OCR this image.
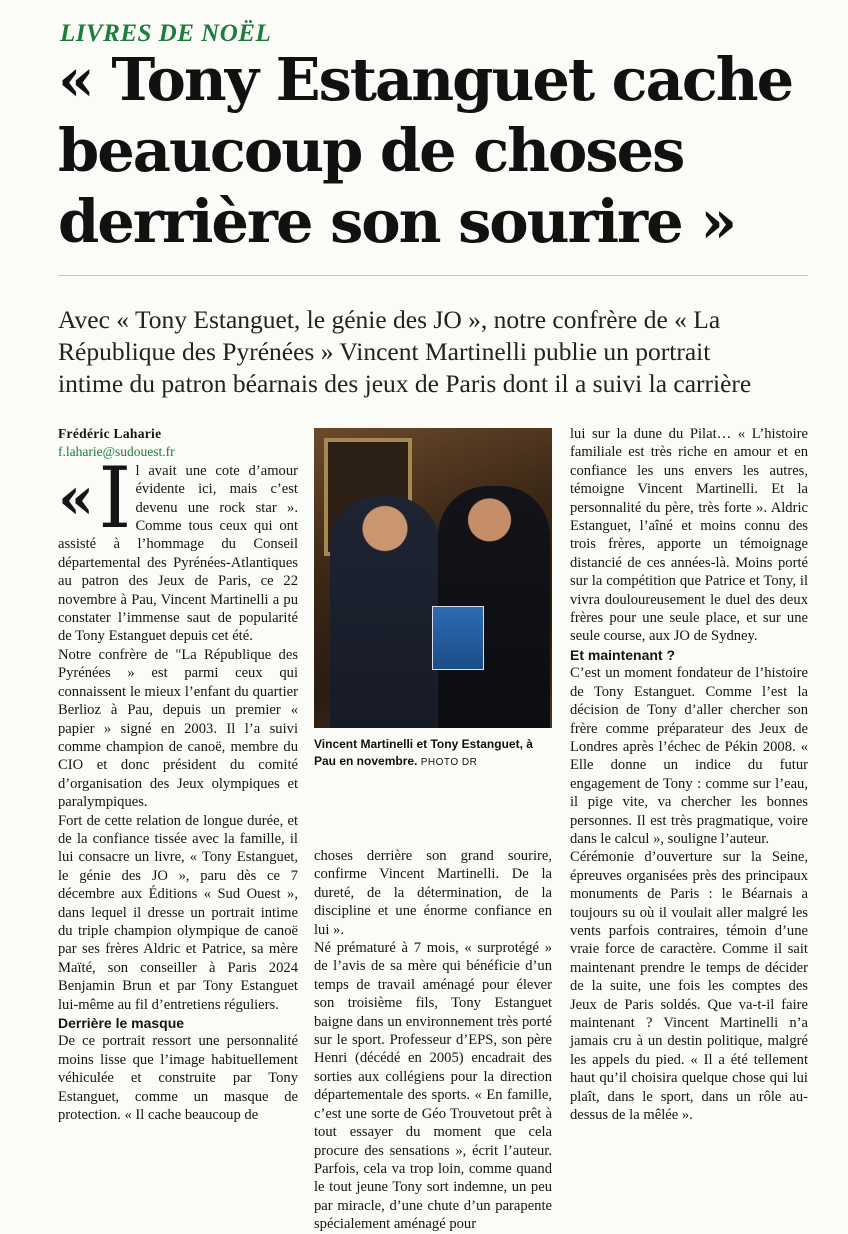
LIVRES DE NOËL
« Tony Estanguet cache
beaucoup de choses
derrière son sourire »
Avec « Tony Estanguet, le génie des JO », notre confrère de « La
République des Pyrénées » Vincent Martinelli publie un portrait
intime du patron béarnais des jeux de Paris dont il a suivi la carrière

Frédéric Laharie

f.laharie@sudouest.fr

« I l avait une cote d’amour évidente ici, mais c’est devenu une rock star ». Comme tous ceux qui ont assisté à l’hommage du Conseil départemental des Pyrénées-Atlantiques au patron des Jeux de Paris, ce 22 novembre à Pau, Vincent Martinelli a pu constater l’immense saut de popularité de Tony Estanguet depuis cet été.

Notre confrère de "La République des Pyrénées » est parmi ceux qui connaissent le mieux l’enfant du quartier Berlioz à Pau, depuis un premier « papier » signé en 2003. Il l’a suivi comme champion de canoë, membre du CIO et donc président du comité d’organisation des Jeux olympiques et paralympiques.

Fort de cette relation de longue durée, et de la confiance tissée avec la famille, il lui consacre un livre, « Tony Estanguet, le génie des JO », paru dès ce 7 décembre aux Éditions « Sud Ouest », dans lequel il dresse un portrait intime du triple champion olympique de canoë par ses frères Aldric et Patrice, sa mère Maïté, son conseiller à Paris 2024 Benjamin Brun et par Tony Estanguet lui-même au fil d’entretiens réguliers.

Derrière le masque

De ce portrait ressort une personnalité moins lisse que l’image habituellement véhiculée et construite par Tony Estanguet, comme un masque de protection. « Il cache beaucoup de

Vincent Martinelli et Tony Estanguet, à Pau en novembre. PHOTO DR

choses derrière son grand sourire, confirme Vincent Martinelli. De la dureté, de la détermination, de la discipline et une énorme confiance en lui ».

Né prématuré à 7 mois, « surprotégé » de l’avis de sa mère qui bénéficie d’un temps de travail aménagé pour élever son troisième fils, Tony Estanguet baigne dans un environnement très porté sur le sport. Professeur d’EPS, son père Henri (décédé en 2005) encadrait des sorties aux collégiens pour la direction départementale des sports. « En famille, c’est une sorte de Géo Trouvetout prêt à tout essayer du moment que cela procure des sensations », écrit l’auteur. Parfois, cela va trop loin, comme quand le tout jeune Tony sort indemne, un peu par miracle, d’une chute d’un parapente spécialement aménagé pour

lui sur la dune du Pilat… « L’histoire familiale est très riche en amour et en confiance les uns envers les autres, témoigne Vincent Martinelli. Et la personnalité du père, très forte ». Aldric Estanguet, l’aîné et moins connu des trois frères, apporte un témoignage distancié de ces années-là. Moins porté sur la compétition que Patrice et Tony, il vivra douloureusement le duel des deux frères pour une seule place, et sur une seule course, aux JO de Sydney.

Et maintenant ?

C’est un moment fondateur de l’histoire de Tony Estanguet. Comme l’est la décision de Tony d’aller chercher son frère comme préparateur des Jeux de Londres après l’échec de Pékin 2008. « Elle donne un indice du futur engagement de Tony : comme sur l’eau, il pige vite, va chercher les bonnes personnes. Il est très pragmatique, voire dans le calcul », souligne l’auteur.

Cérémonie d’ouverture sur la Seine, épreuves organisées près des principaux monuments de Paris : le Béarnais a toujours su où il voulait aller malgré les vents parfois contraires, témoin d’une vraie force de caractère. Comme il sait maintenant prendre le temps de décider de la suite, une fois les comptes des Jeux de Paris soldés. Que va-t-il faire maintenant ? Vincent Martinelli n’a jamais cru à un destin politique, malgré les appels du pied. « Il a été tellement haut qu’il choisira quelque chose qui lui plaît, dans le sport, dans un rôle au-dessus de la mêlée ».
